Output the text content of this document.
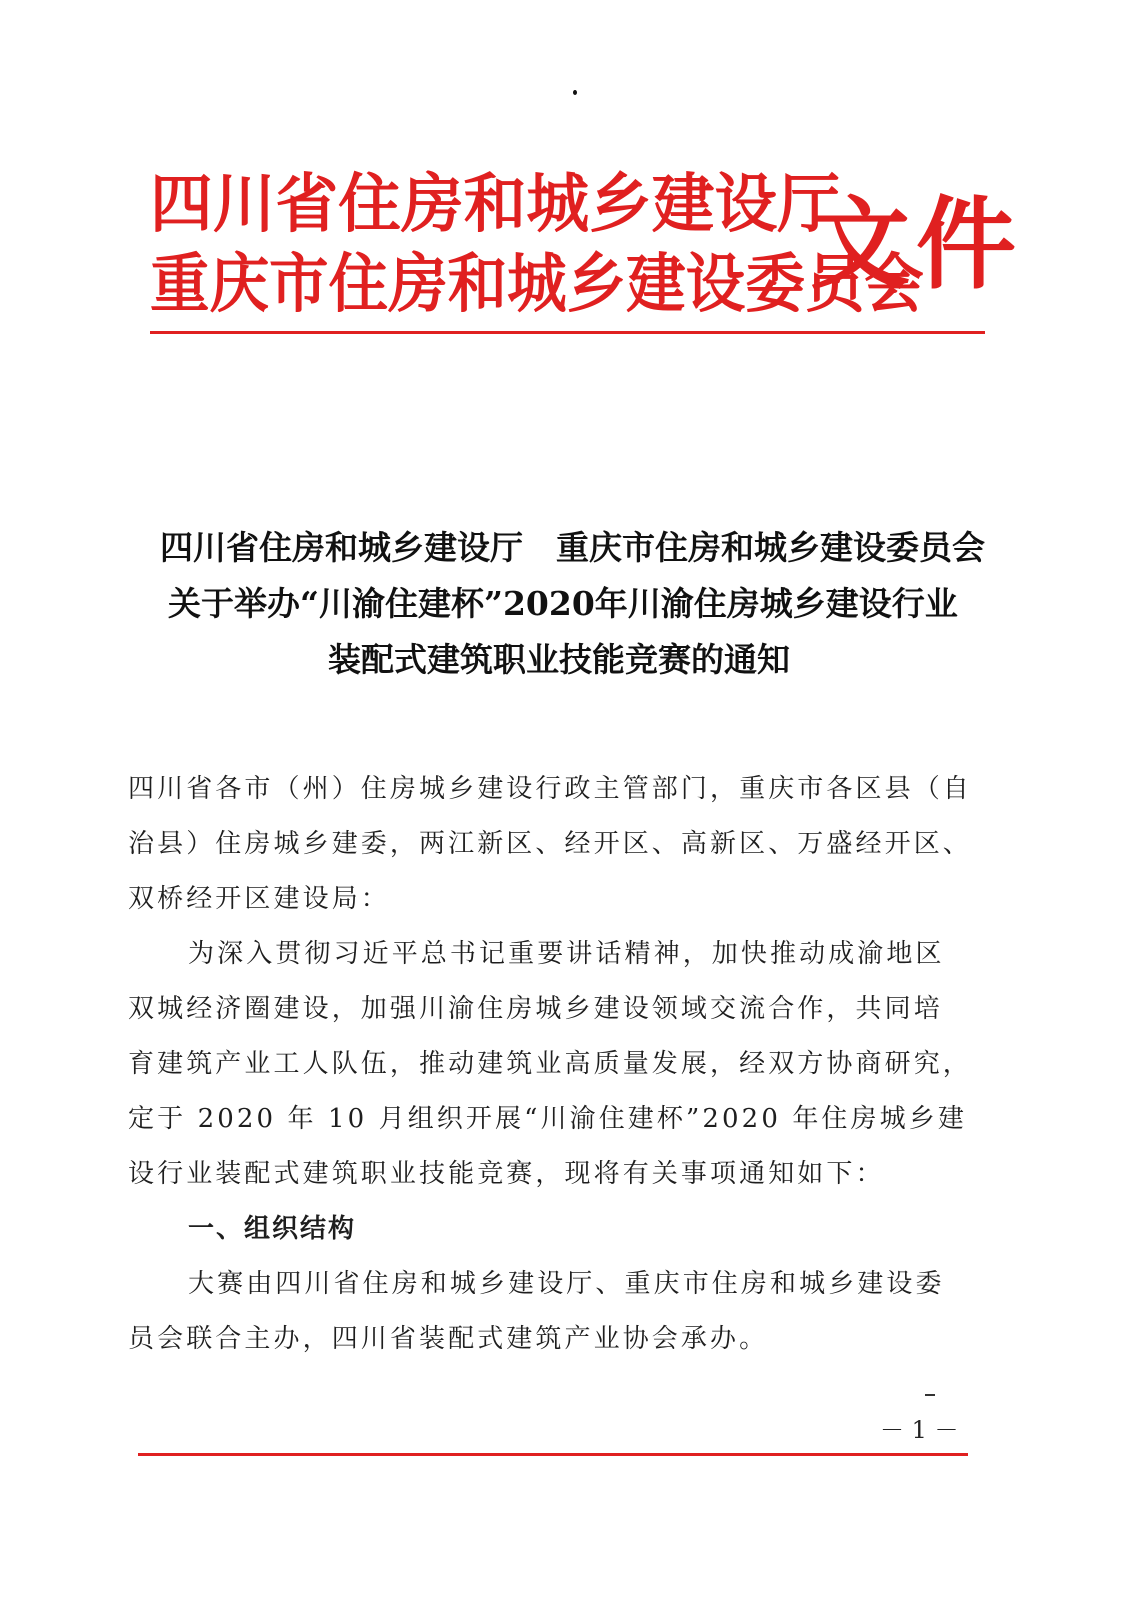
四川省住房和城乡建设厅
重庆市住房和城乡建设委员会
文件
四川省住房和城乡建设厅　重庆市住房和城乡建设委员会
关于举办“川渝住建杯”2020年川渝住房城乡建设行业
装配式建筑职业技能竞赛的通知
四川省各市（州）住房城乡建设行政主管部门，重庆市各区县（自
治县）住房城乡建委，两江新区、经开区、高新区、万盛经开区、
双桥经开区建设局：
为深入贯彻习近平总书记重要讲话精神，加快推动成渝地区
双城经济圈建设，加强川渝住房城乡建设领域交流合作，共同培
育建筑产业工人队伍，推动建筑业高质量发展，经双方协商研究，
定于 2020 年 10 月组织开展“川渝住建杯”2020 年住房城乡建
设行业装配式建筑职业技能竞赛，现将有关事项通知如下：
一、组织结构
大赛由四川省住房和城乡建设厅、重庆市住房和城乡建设委
员会联合主办，四川省装配式建筑产业协会承办。
－ 1 －
